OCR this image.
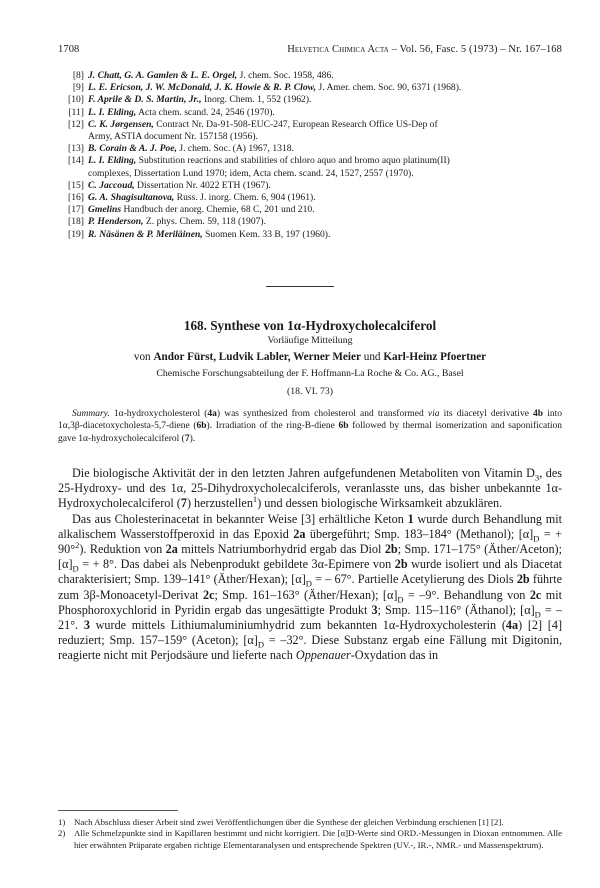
1708	Helvetica Chimica Acta – Vol. 56, Fasc. 5 (1973) – Nr. 167–168
[8] J. Chatt, G. A. Gamlen & L. E. Orgel, J. chem. Soc. 1958, 486.
[9] L. E. Ericson, J. W. McDonald, J. K. Howie & R. P. Clow, J. Amer. chem. Soc. 90, 6371 (1968).
[10] F. Aprile & D. S. Martin, Jr., Inorg. Chem. 1, 552 (1962).
[11] L. I. Elding, Acta chem. scand. 24, 2546 (1970).
[12] C. K. Jørgensen, Contract Nr. Da-91-508-EUC-247, European Research Office US-Dep of
Army, ASTIA document Nr. 157158 (1956).
[13] B. Corain & A. J. Poe, J. chem. Soc. (A) 1967, 1318.
[14] L. I. Elding, Substitution reactions and stabilities of chloro aquo and bromo aquo platinum(II)
complexes, Dissertation Lund 1970; idem, Acta chem. scand. 24, 1527, 2557 (1970).
[15] C. Jaccoud, Dissertation Nr. 4022 ETH (1967).
[16] G. A. Shagisultanova, Russ. J. inorg. Chem. 6, 904 (1961).
[17] Gmelins Handbuch der anorg. Chemie, 68 C, 201 und 210.
[18] P. Henderson, Z. phys. Chem. 59, 118 (1907).
[19] R. Näsänen & P. Meriläinen, Suomen Kem. 33 B, 197 (1960).
168. Synthese von 1α-Hydroxycholecalciferol
Vorläufige Mitteilung
von Andor Fürst, Ludvik Labler, Werner Meier und Karl-Heinz Pfoertner
Chemische Forschungsabteilung der F. Hoffmann-La Roche & Co. AG., Basel
(18. VI. 73)
Summary. 1α-hydroxycholesterol (4a) was synthesized from cholesterol and transformed via its diacetyl derivative 4b into 1α,3β-diacetoxycholesta-5,7-diene (6b). Irradiation of the ring-B-diene 6b followed by thermal isomerization and saponification gave 1α-hydroxycholecalciferol (7).

Die biologische Aktivität der in den letzten Jahren aufgefundenen Metaboliten von Vitamin $D_3$, des 25-Hydroxy- und des 1α, 25-Dihydroxycholecalciferols, veranlasste uns, das bisher unbekannte 1α-Hydroxycholecalciferol (7) herzustellen$^1$) und dessen biologische Wirksamkeit abzuklären.

Das aus Cholesterinacetat in bekannter Weise [3] erhältliche Keton 1 wurde durch Behandlung mit alkalischem Wasserstoffperoxid in das Epoxid 2a übergeführt; Smp. 183–184° (Methanol); $[\alpha]_D$ = + 90°$^2$). Reduktion von 2a mittels Natriumborhydrid ergab das Diol 2b; Smp. 171–175° (Äther/Aceton); $[\alpha]_D$ = + 8°. Das dabei als Nebenprodukt gebildete 3α-Epimere von 2b wurde isoliert und als Diacetat charakterisiert; Smp. 139–141° (Äther/Hexan); $[\alpha]_D$ = – 67°. Partielle Acetylierung des Diols 2b führte zum 3β-Monoacetyl-Derivat 2c; Smp. 161–163° (Äther/Hexan); $[\alpha]_D = -9^\circ$. Behandlung von 2c mit Phosphoroxychlorid in Pyridin ergab das ungesättigte Produkt 3; Smp. 115–116° (Äthanol); $[\alpha]_D = -21^\circ$. 3 wurde mittels Lithiumaluminiumhydrid zum bekannten 1α-Hydroxycholesterin (4a) [2] [4] reduziert; Smp. 157–159° (Aceton); $[\alpha]_D = -32^\circ$. Diese Substanz ergab eine Fällung mit Digitonin, reagierte nicht mit Perjodsäure und lieferte nach Oppenauer-Oxydation das in

1) Nach Abschluss dieser Arbeit sind zwei Veröffentlichungen über die Synthese der gleichen Verbindung erschienen [1] [2].
2) Alle Schmelzpunkte sind in Kapillaren bestimmt und nicht korrigiert. Die [α]D-Werte sind ORD.-Messungen in Dioxan entnommen. Alle hier erwähnten Präparate ergaben richtige Elementaranalysen und entsprechende Spektren (UV.-, IR.-, NMR.- und Massenspektrum).
